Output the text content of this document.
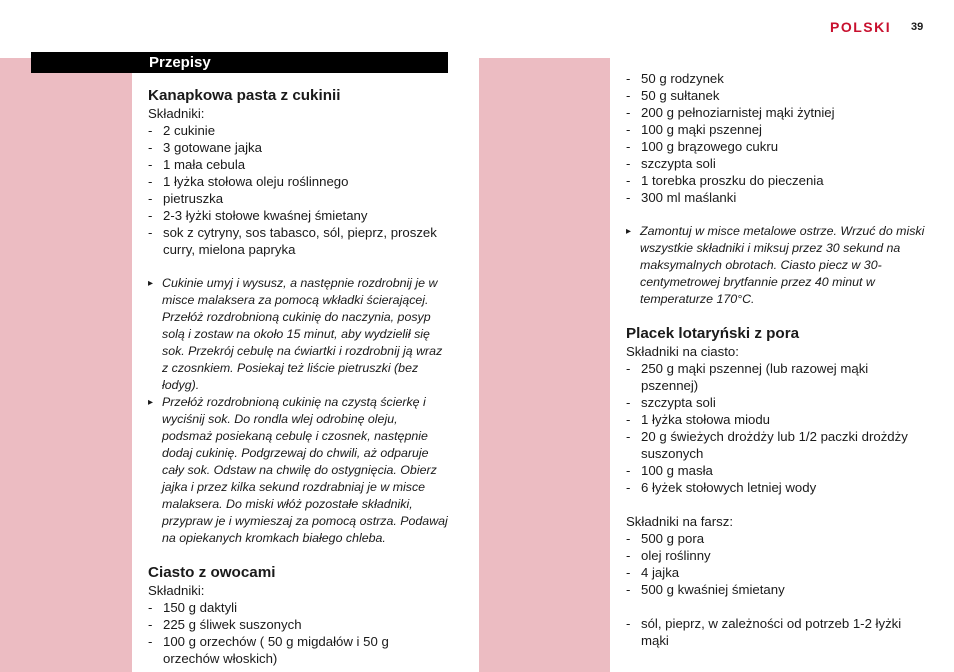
POLSKI 39
Przepisy
Kanapkowa pasta z cukinii

Składniki:

- 2 cukinie
- 3 gotowane jajka
- 1 mała cebula
- 1 łyżka stołowa oleju roślinnego
- pietruszka
- 2-3 łyżki stołowe kwaśnej śmietany
- sok z cytryny, sos tabasco, sól, pieprz, proszek curry, mielona papryka
▸ Cukinie umyj i wysusz, a następnie rozdrobnij je w misce malaksera za pomocą wkładki ścierającej. Przełóż rozdrobnioną cukinię do naczynia, posyp solą i zostaw na około 15 minut, aby wydzielił się sok. Przekrój cebulę na ćwiartki i rozdrobnij ją wraz z czosnkiem. Posiekaj też liście pietruszki (bez łodyg).
▸ Przełóż rozdrobnioną cukinię na czystą ścierkę i wyciśnij sok. Do rondla wlej odrobinę oleju, podsmaż posiekaną cebulę i czosnek, następnie dodaj cukinię. Podgrzewaj do chwili, aż odparuje cały sok. Odstaw na chwilę do ostygnięcia. Obierz jajka i przez kilka sekund rozdrabniaj je w misce malaksera. Do miski włóż pozostałe składniki, przypraw je i wymieszaj za pomocą ostrza. Podawaj na opiekanych kromkach białego chleba.
Ciasto z owocami

Składniki:

- 150 g daktyli
- 225 g śliwek suszonych
- 100 g orzechów ( 50 g migdałów i 50 g orzechów włoskich)
- 50 g rodzynek
- 50 g sułtanek
- 200 g pełnoziarnistej mąki żytniej
- 100 g mąki pszennej
- 100 g brązowego cukru
- szczypta soli
- 1 torebka proszku do pieczenia
- 300 ml maślanki
▸ Zamontuj w misce metalowe ostrze. Wrzuć do miski wszystkie składniki i miksuj przez 30 sekund na maksymalnych obrotach. Ciasto piecz w 30-centymetrowej brytfannie przez 40 minut w temperaturze 170°C.
Placek lotaryński z pora

Składniki na ciasto:

- 250 g mąki pszennej (lub razowej mąki pszennej)
- szczypta soli
- 1 łyżka stołowa miodu
- 20 g świeżych drożdży lub 1/2 paczki drożdży suszonych
- 100 g masła
- 6 łyżek stołowych letniej wody

Składniki na farsz:

- 500 g pora
- olej roślinny
- 4 jajka
- 500 g kwaśniej śmietany
- sól, pieprz, w zależności od potrzeb 1-2 łyżki mąki
